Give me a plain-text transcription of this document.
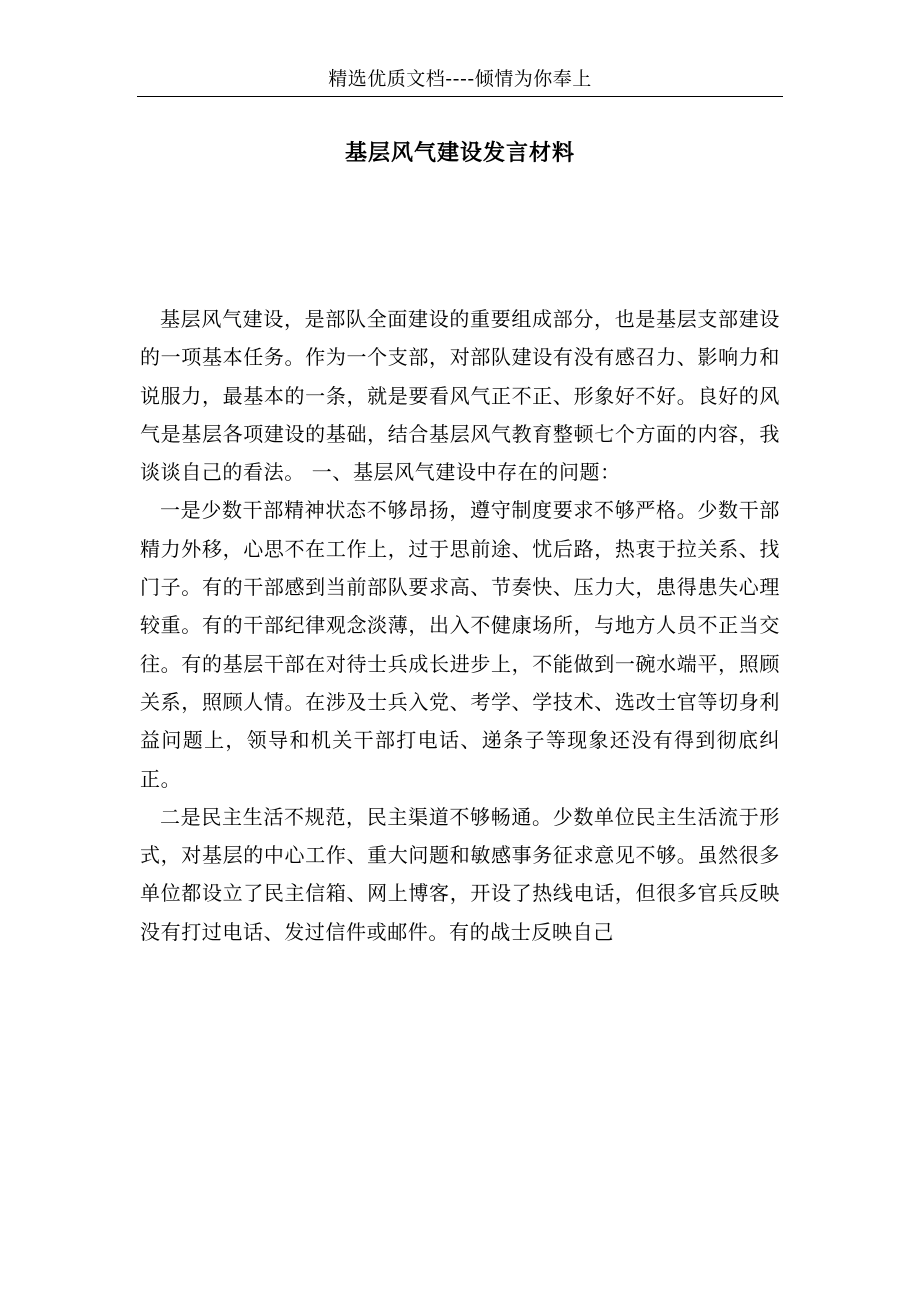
精选优质文档----倾情为你奉上
基层风气建设发言材料

基层风气建设，是部队全面建设的重要组成部分，也是基层支部建设的一项基本任务。作为一个支部，对部队建设有没有感召力、影响力和说服力，最基本的一条，就是要看风气正不正、形象好不好。良好的风气是基层各项建设的基础，结合基层风气教育整顿七个方面的内容，我谈谈自己的看法。 一、基层风气建设中存在的问题：

一是少数干部精神状态不够昂扬，遵守制度要求不够严格。少数干部精力外移，心思不在工作上，过于思前途、忧后路，热衷于拉关系、找门子。有的干部感到当前部队要求高、节奏快、压力大，患得患失心理较重。有的干部纪律观念淡薄，出入不健康场所，与地方人员不正当交往。有的基层干部在对待士兵成长进步上，不能做到一碗水端平，照顾关系，照顾人情。在涉及士兵入党、考学、学技术、选改士官等切身利益问题上，领导和机关干部打电话、递条子等现象还没有得到彻底纠正。

二是民主生活不规范，民主渠道不够畅通。少数单位民主生活流于形式，对基层的中心工作、重大问题和敏感事务征求意见不够。虽然很多单位都设立了民主信箱、网上博客，开设了热线电话，但很多官兵反映没有打过电话、发过信件或邮件。有的战士反映自己
